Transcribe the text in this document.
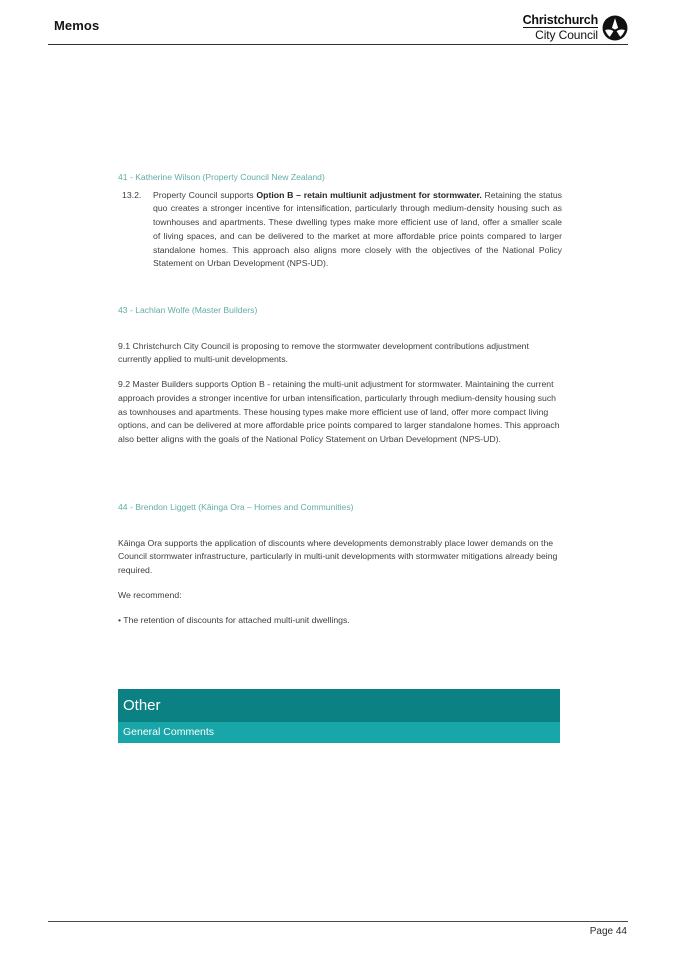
Memos	Christchurch
City Council
41 - Katherine Wilson (Property Council New Zealand)
13.2.	Property Council supports Option B – retain multiunit adjustment for stormwater. Retaining the status quo creates a stronger incentive for intensification, particularly through medium-density housing such as townhouses and apartments. These dwelling types make more efficient use of land, offer a smaller scale of living spaces, and can be delivered to the market at more affordable price points compared to larger standalone homes. This approach also aligns more closely with the objectives of the National Policy Statement on Urban Development (NPS-UD).
43 - Lachlan Wolfe (Master Builders)

9.1 Christchurch City Council is proposing to remove the stormwater development contributions adjustment currently applied to multi-unit developments.

9.2 Master Builders supports Option B - retaining the multi-unit adjustment for stormwater. Maintaining the current approach provides a stronger incentive for urban intensification, particularly through medium-density housing such as townhouses and apartments. These housing types make more efficient use of land, offer more compact living options, and can be delivered at more affordable price points compared to larger standalone homes. This approach also better aligns with the goals of the National Policy Statement on Urban Development (NPS-UD).

44 - Brendon Liggett (Kāinga Ora – Homes and Communities)

Kāinga Ora supports the application of discounts where developments demonstrably place lower demands on the Council stormwater infrastructure, particularly in multi-unit developments with stormwater mitigations already being required.

We recommend:

• The retention of discounts for attached multi-unit dwellings.

Other
General Comments
Page 44
